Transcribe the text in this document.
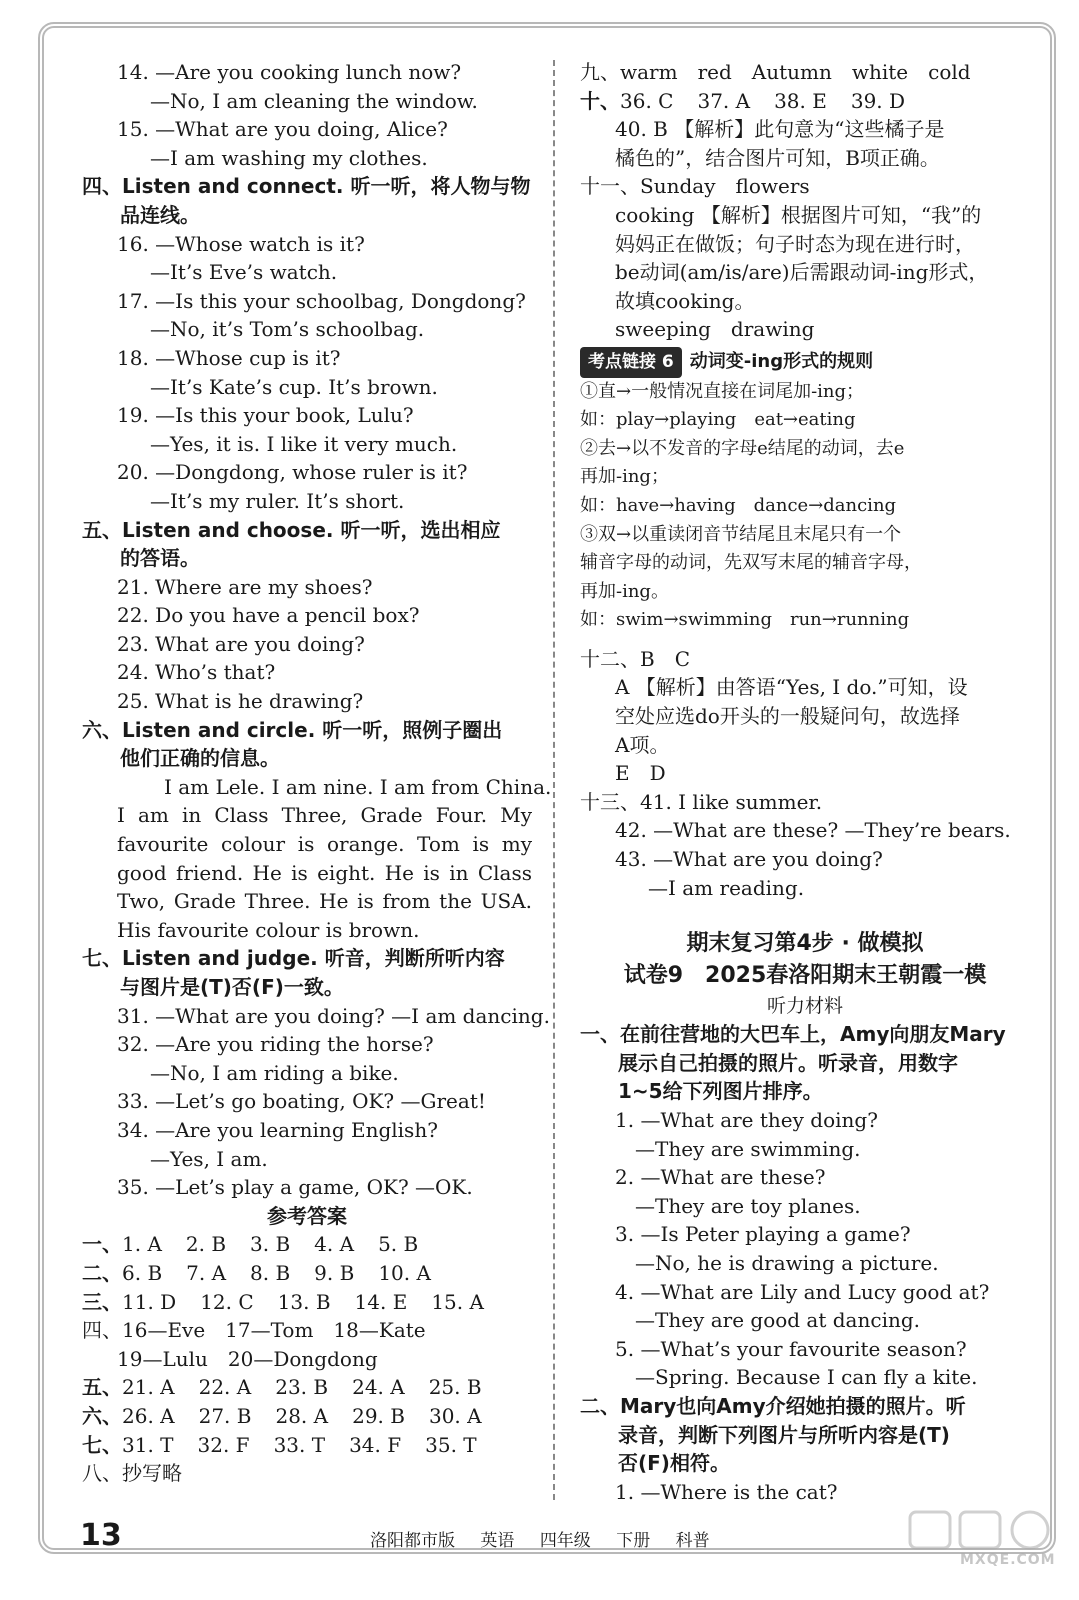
14. —Are you cooking lunch now?
—No, I am cleaning the window.
15. —What are you doing, Alice?
—I am washing my clothes.
四、Listen and connect. 听一听，将人物与物
品连线。
16. —Whose watch is it?
—It’s Eve’s watch.
17. —Is this your schoolbag, Dongdong?
—No, it’s Tom’s schoolbag.
18. —Whose cup is it?
—It’s Kate’s cup. It’s brown.
19. —Is this your book, Lulu?
—Yes, it is. I like it very much.
20. —Dongdong, whose ruler is it?
—It’s my ruler. It’s short.
五、Listen and choose. 听一听，选出相应
的答语。
21. Where are my shoes?
22. Do you have a pencil box?
23. What are you doing?
24. Who’s that?
25. What is he drawing?
六、Listen and circle. 听一听，照例子圈出
他们正确的信息。
I am Lele. I am nine. I am from China.
I am in Class Three, Grade Four. My
favourite colour is orange. Tom is my
good friend. He is eight. He is in Class
Two, Grade Three. He is from the USA.
His favourite colour is brown.
七、Listen and judge. 听音，判断所听内容
与图片是(T)否(F)一致。
31. —What are you doing? —I am dancing.
32. —Are you riding the horse?
—No, I am riding a bike.
33. —Let’s go boating, OK? —Great!
34. —Are you learning English?
—Yes, I am.
35. —Let’s play a game, OK? —OK.
参考答案
一、1. A 2. B 3. B 4. A 5. B
二、6. B 7. A 8. B 9. B 10. A
三、11. D 12. C 13. B 14. E 15. A
四、16—Eve　17—Tom　18—Kate
19—Lulu　20—Dongdong
五、21. A 22. A 23. B 24. A 25. B
六、26. A 27. B 28. A 29. B 30. A
七、31. T 32. F 33. T 34. F 35. T
八、抄写略
九、warm　red　Autumn　white　cold
十、36. C 37. A 38. E 39. D
40. B 【解析】此句意为“这些橘子是
橘色的”，结合图片可知，B项正确。
十一、Sunday　flowers
cooking 【解析】根据图片可知，“我”的
妈妈正在做饭；句子时态为现在进行时，
be动词(am/is/are)后需跟动词-ing形式，
故填cooking。
sweeping　drawing
考点链接 6 动词变-ing形式的规则
①直→一般情况直接在词尾加-ing；
如：play→playing　eat→eating
②去→以不发音的字母e结尾的动词，去e
再加-ing；
如：have→having　dance→dancing
③双→以重读闭音节结尾且末尾只有一个
辅音字母的动词，先双写末尾的辅音字母，
再加-ing。
如：swim→swimming　run→running
十二、B　C
A 【解析】由答语“Yes, I do.”可知，设
空处应选do开头的一般疑问句，故选择
A项。
E　D
十三、41. I like summer.
42. —What are these? —They’re bears.
43. —What are you doing?
—I am reading.
期末复习第4步 · 做模拟
试卷9　2025春洛阳期末王朝霞一模
听力材料
一、在前往营地的大巴车上，Amy向朋友Mary
展示自己拍摄的照片。听录音，用数字
1~5给下列图片排序。
1. —What are they doing?
—They are swimming.
2. —What are these?
—They are toy planes.
3. —Is Peter playing a game?
—No, he is drawing a picture.
4. —What are Lily and Lucy good at?
—They are good at dancing.
5. —What’s your favourite season?
—Spring. Because I can fly a kite.
二、Mary也向Amy介绍她拍摄的照片。听
录音，判断下列图片与所听内容是(T)
否(F)相符。
1. —Where is the cat?
13	洛阳都市版 英语 四年级 下册 科普
MXQE.COM
